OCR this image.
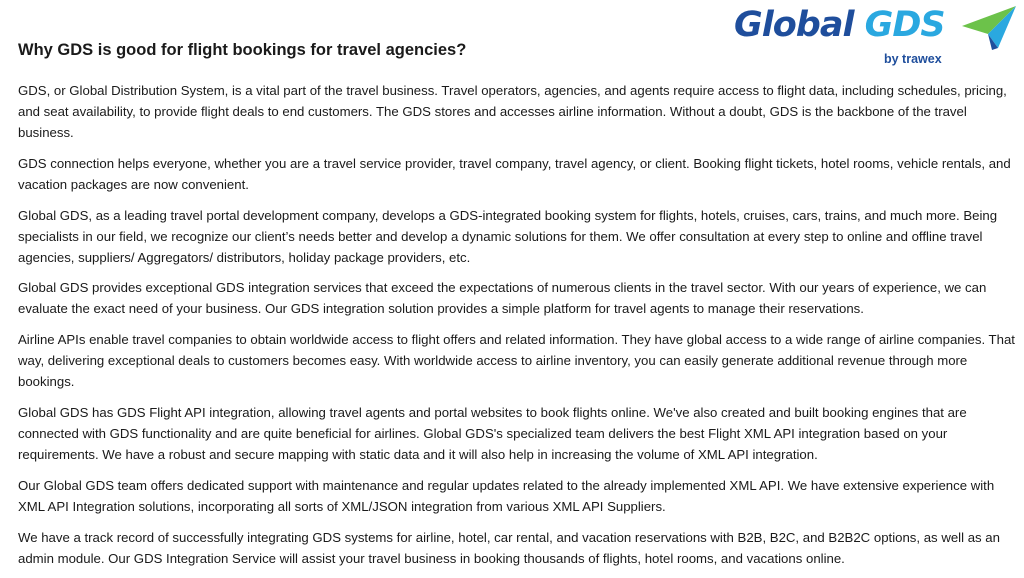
Why GDS is good for flight bookings for travel agencies?
Global GDS
by trawex

GDS, or Global Distribution System, is a vital part of the travel business. Travel operators, agencies, and agents require access to flight data, including schedules, pricing, and seat availability, to provide flight deals to end customers. The GDS stores and accesses airline information. Without a doubt, GDS is the backbone of the travel business.

GDS connection helps everyone, whether you are a travel service provider, travel company, travel agency, or client. Booking flight tickets, hotel rooms, vehicle rentals, and vacation packages are now convenient.

Global GDS, as a leading travel portal development company, develops a GDS-integrated booking system for flights, hotels, cruises, cars, trains, and much more. Being specialists in our field, we recognize our client’s needs better and develop a dynamic solutions for them. We offer consultation at every step to online and offline travel agencies, suppliers/ Aggregators/ distributors, holiday package providers, etc.

Global GDS provides exceptional GDS integration services that exceed the expectations of numerous clients in the travel sector. With our years of experience, we can evaluate the exact need of your business. Our GDS integration solution provides a simple platform for travel agents to manage their reservations.

Airline APIs enable travel companies to obtain worldwide access to flight offers and related information. They have global access to a wide range of airline companies. That way, delivering exceptional deals to customers becomes easy. With worldwide access to airline inventory, you can easily generate additional revenue through more bookings.

Global GDS has GDS Flight API integration, allowing travel agents and portal websites to book flights online. We've also created and built booking engines that are connected with GDS functionality and are quite beneficial for airlines. Global GDS's specialized team delivers the best Flight XML API integration based on your requirements. We have a robust and secure mapping with static data and it will also help in increasing the volume of XML API integration.

Our Global GDS team offers dedicated support with maintenance and regular updates related to the already implemented XML API. We have extensive experience with XML API Integration solutions, incorporating all sorts of XML/JSON integration from various XML API Suppliers.

We have a track record of successfully integrating GDS systems for airline, hotel, car rental, and vacation reservations with B2B, B2C, and B2B2C options, as well as an admin module. Our GDS Integration Service will assist your travel business in booking thousands of flights, hotel rooms, and vacations online.
